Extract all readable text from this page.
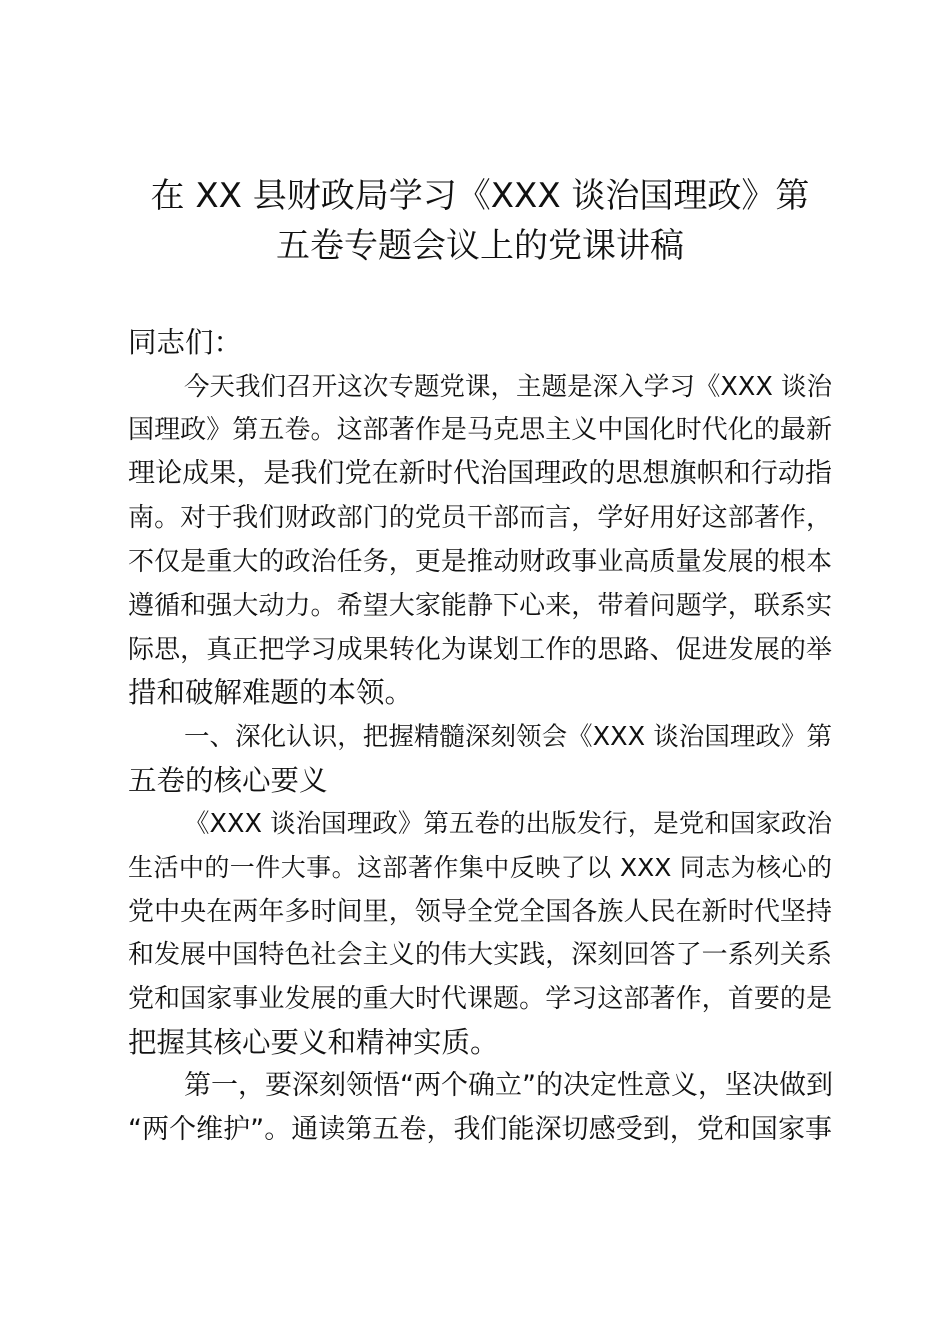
在 XX 县财政局学习《XXX 谈治国理政》第
五卷专题会议上的党课讲稿
同志们：
今天我们召开这次专题党课，主题是深入学习《XXX 谈治
国理政》第五卷。这部著作是马克思主义中国化时代化的最新
理论成果，是我们党在新时代治国理政的思想旗帜和行动指
南。对于我们财政部门的党员干部而言，学好用好这部著作，
不仅是重大的政治任务，更是推动财政事业高质量发展的根本
遵循和强大动力。希望大家能静下心来，带着问题学，联系实
际思，真正把学习成果转化为谋划工作的思路、促进发展的举
措和破解难题的本领。
一、深化认识，把握精髓深刻领会《XXX 谈治国理政》第
五卷的核心要义
《XXX 谈治国理政》第五卷的出版发行，是党和国家政治
生活中的一件大事。这部著作集中反映了以 XXX 同志为核心的
党中央在两年多时间里，领导全党全国各族人民在新时代坚持
和发展中国特色社会主义的伟大实践，深刻回答了一系列关系
党和国家事业发展的重大时代课题。学习这部著作，首要的是
把握其核心要义和精神实质。
第一，要深刻领悟“两个确立”的决定性意义，坚决做到
“两个维护”。通读第五卷，我们能深切感受到，党和国家事
